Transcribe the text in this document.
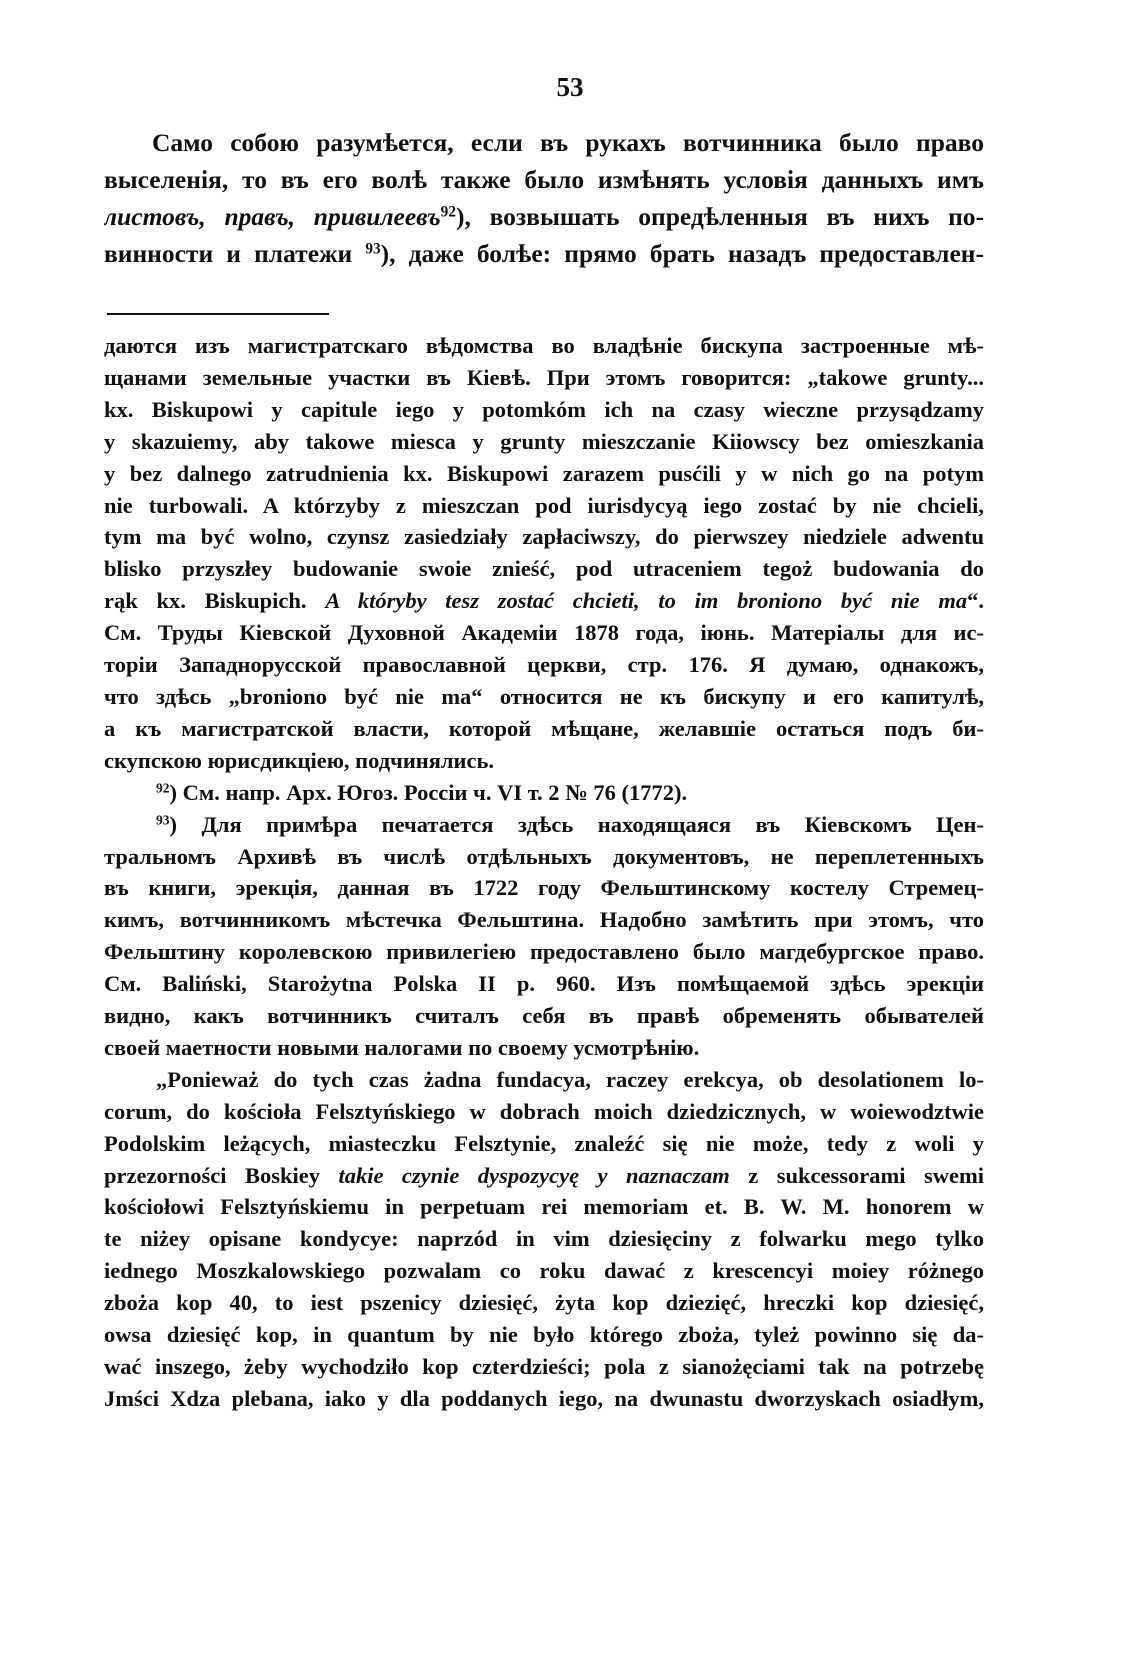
53
Само собою разумѣется, если въ рукахъ вотчинника было право
выселенія, то въ его волѣ также было измѣнять условія данныхъ имъ
листовъ, правъ, привилеевъ$^{92}$), возвышать опредѣленныя въ нихъ по-
винности и платежи $^{93}$), даже болѣе: прямо брать назадъ предоставлен-
даются изъ магистратскаго вѣдомства во владѣніе бискупа застроенные мѣ-
щанами земельные участки въ Кіевѣ. При этомъ говорится: „takowe grunty...
kx. Biskupowi y capitule iego y potomkóm ich na czasy wieczne przysądzamy
y skazuiemy, aby takowe miesca y grunty mieszczanie Kiiowscy bez omieszkania
y bez dalnego zatrudnienia kx. Biskupowi zarazem pusćili y w nich go na potym
nie turbowali. A którzyby z mieszczan pod iurisdycyą iego zostać by nie chcieli,
tym ma być wolno, czynsz zasiedziały zapłaciwszy, do pierwszey niedziele adwentu
blisko przyszłey budowanie swoie znieść, pod utraceniem tegoż budowania do
rąk kx. Biskupich. A któryby tesz zostać chcieti, to im broniono być nie ma“.
См. Труды Кіевской Духовной Академіи 1878 года, іюнь. Матеріалы для ис-
торіи Западнорусской православной церкви, стр. 176. Я думаю, однакожъ,
что здѣсь „broniono być nie ma“ относится не къ бискупу и его капитулѣ,
а къ магистратской власти, которой мѣщане, желавшіе остаться подъ би-
скупскою юрисдикціею, подчинялись.
$^{92}$) См. напр. Арх. Югоз. Россіи ч. VI т. 2 № 76 (1772).
$^{93}$) Для примѣра печатается здѣсь находящаяся въ Кіевскомъ Цен-
тральномъ Архивѣ въ числѣ отдѣльныхъ документовъ, не переплетенныхъ
въ книги, эрекція, данная въ 1722 году Фельштинскому костелу Стремец-
кимъ, вотчинникомъ мѣстечка Фельштина. Надобно замѣтить при этомъ, что
Фельштину королевскою привилегіею предоставлено было магдебургское право.
См. Baliński, Starożytna Polska II p. 960. Изъ помѣщаемой здѣсь эрекціи
видно, какъ вотчинникъ считалъ себя въ правѣ обременять обывателей
своей маетности новыми налогами по своему усмотрѣнію.
„Ponieważ do tych czas żadna fundacya, raczey erekcya, ob desolationem lo-
corum, do kościoła Felsztyńskiego w dobrach moich dziedzicznych, w woiewodztwie
Podolskim leżących, miasteczku Felsztynie, znaleźć się nie może, tedy z woli y
przezorności Boskiey takie czynie dyspozycyę y naznaczam z sukcessorami swemi
kościołowi Felsztyńskiemu in perpetuam rei memoriam et. B. W. M. honorem w
te niżey opisane kondycye: naprzód in vim dziesięciny z folwarku mego tylko
iednego Moszkalowskiego pozwalam co roku dawać z krescencyi moiey różnego
zboża kop 40, to iest pszenicy dziesięć, żyta kop dziezięć, hreczki kop dziesięć,
owsa dziesięć kop, in quantum by nie było którego zboża, tyleż powinno się da-
wać inszego, żeby wychodziło kop czterdzieści; pola z sianożęciami tak na potrzebę
Jmści Xdza plebana, iako y dla poddanych iego, na dwunastu dworzyskach osiadłym,
